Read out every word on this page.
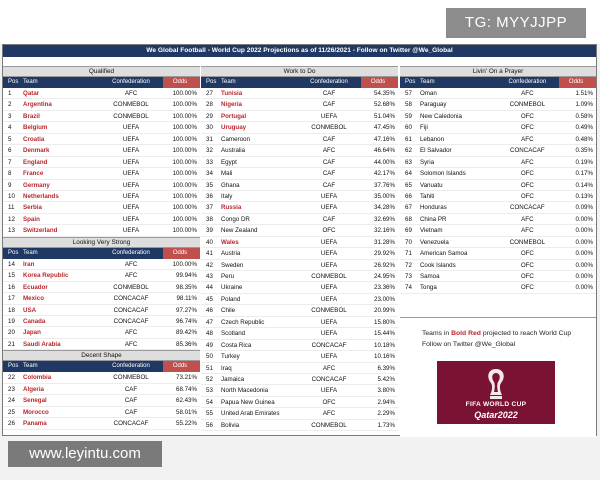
TG: MYYJJPP
We Global Football - World Cup 2022 Projections as of 11/26/2021 - Follow on Twitter @We_Global
Qualified
Pos Team	Confederation	Odds
1	Qatar	AFC	100.00%
2	Argentina	CONMEBOL	100.00%
3	Brazil	CONMEBOL	100.00%
4	Belgium	UEFA	100.00%
5	Croatia	UEFA	100.00%
6	Denmark	UEFA	100.00%
7	England	UEFA	100.00%
8	France	UEFA	100.00%
9	Germany	UEFA	100.00%
10	Netherlands	UEFA	100.00%
11	Serbia	UEFA	100.00%
12	Spain	UEFA	100.00%
13	Switzerland	UEFA	100.00%
Looking Very Strong
Pos Team	Confederation	Odds
14	Iran	AFC	100.00%
15	Korea Republic	AFC	99.94%
16	Ecuador	CONMEBOL	98.35%
17	Mexico	CONCACAF	98.11%
18	USA	CONCACAF	97.27%
19	Canada	CONCACAF	96.74%
20	Japan	AFC	89.42%
21	Saudi Arabia	AFC	85.36%
Decent Shape
Pos Team	Confederation	Odds
22	Colombia	CONMEBOL	73.21%
23	Algeria	CAF	68.74%
24	Senegal	CAF	62.43%
25	Morocco	CAF	58.01%
26	Panama	CONCACAF	55.22%
Work to Do
Pos Team	Confederation	Odds
27	Tunisia	CAF	54.35%
28	Nigeria	CAF	52.68%
29	Portugal	UEFA	51.04%
30	Uruguay	CONMEBOL	47.45%
31	Cameroon	CAF	47.16%
32	Australia	AFC	46.64%
33	Egypt	CAF	44.00%
34	Mali	CAF	42.17%
35	Ghana	CAF	37.76%
36	Italy	UEFA	35.00%
37	Russia	UEFA	34.28%
38	Congo DR	CAF	32.69%
39	New Zealand	OFC	32.16%
40	Wales	UEFA	31.28%
41	Austria	UEFA	29.92%
42	Sweden	UEFA	26.92%
43	Peru	CONMEBOL	24.95%
44	Ukraine	UEFA	23.36%
45	Poland	UEFA	23.00%
46	Chile	CONMEBOL	20.99%
47	Czech Republic	UEFA	15.80%
48	Scotland	UEFA	15.44%
49	Costa Rica	CONCACAF	10.18%
50	Turkey	UEFA	10.16%
51	Iraq	AFC	6.39%
52	Jamaica	CONCACAF	5.42%
53	North Macedonia	UEFA	3.80%
54	Papua New Guinea	OFC	2.94%
55	United Arab Emirates	AFC	2.29%
56	Bolivia	CONMEBOL	1.73%
Teams in Bold Red projected to reach World Cup Follow on Twitter @We_Global
FIFA WORLD CUP
Qatar2022
Livin' On a Prayer
Pos Team	Confederation	Odds
57	Oman	AFC	1.51%
58	Paraguay	CONMEBOL	1.09%
59	New Caledonia	OFC	0.58%
60	Fiji	OFC	0.49%
61	Lebanon	AFC	0.48%
62	El Salvador	CONCACAF	0.35%
63	Syria	AFC	0.19%
64	Solomon Islands	OFC	0.17%
65	Vanuatu	OFC	0.14%
66	Tahiti	OFC	0.13%
67	Honduras	CONCACAF	0.09%
68	China PR	AFC	0.00%
69	Vietnam	AFC	0.00%
70	Venezuela	CONMEBOL	0.00%
71	American Samoa	OFC	0.00%
72	Cook Islands	OFC	0.00%
73	Samoa	OFC	0.00%
74	Tonga	OFC	0.00%
www.leyintu.com
